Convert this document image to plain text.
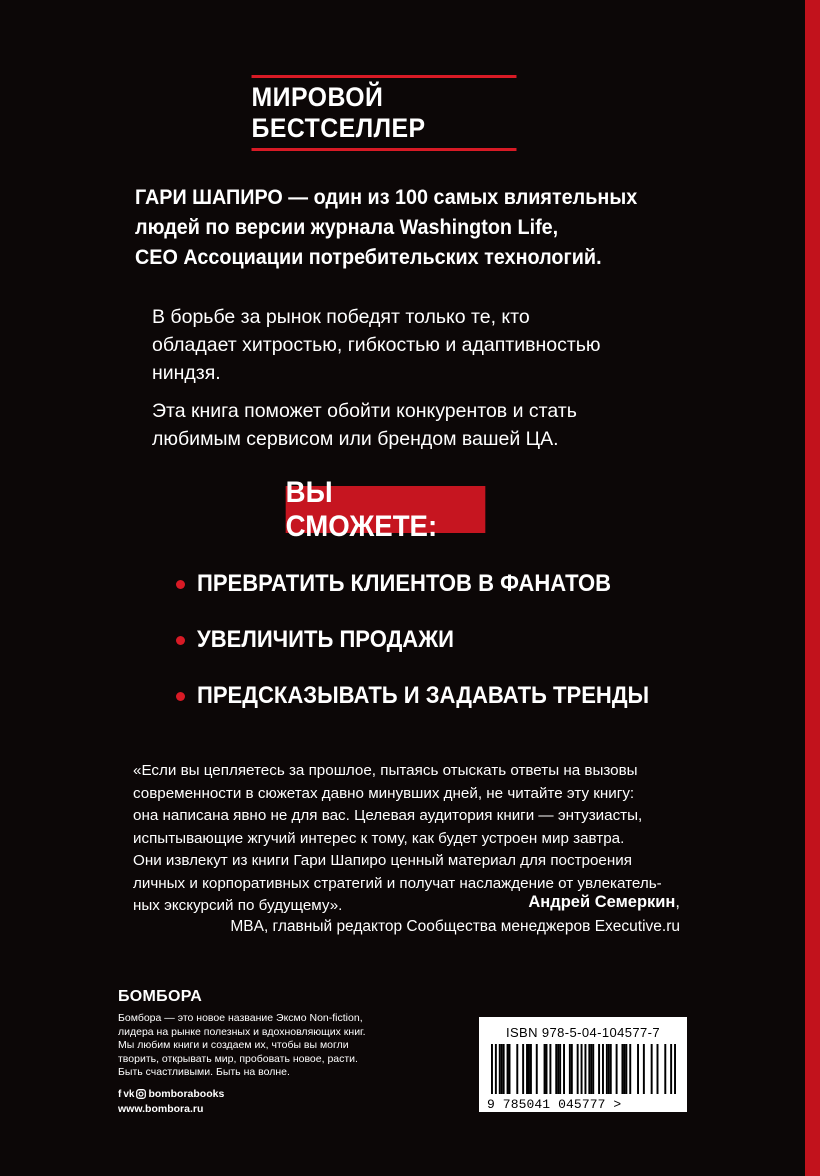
МИРОВОЙ БЕСТСЕЛЛЕР
ГАРИ ШАПИРО — один из 100 самых влиятельных
людей по версии журнала Washington Life,
CEO Ассоциации потребительских технологий.

В борьбе за рынок победят только те, кто
обладает хитростью, гибкостью и адаптивностью
ниндзя.

Эта книга поможет обойти конкурентов и стать
любимым сервисом или брендом вашей ЦА.

ВЫ СМОЖЕТЕ:
ПРЕВРАТИТЬ КЛИЕНТОВ В ФАНАТОВ
УВЕЛИЧИТЬ ПРОДАЖИ
ПРЕДСКАЗЫВАТЬ И ЗАДАВАТЬ ТРЕНДЫ
«Если вы цепляетесь за прошлое, пытаясь отыскать ответы на вызовы
современности в сюжетах давно минувших дней, не читайте эту книгу:
она написана явно не для вас. Целевая аудитория книги — энтузиасты,
испытывающие жгучий интерес к тому, как будет устроен мир завтра.
Они извлекут из книги Гари Шапиро ценный материал для построения
личных и корпоративных стратегий и получат наслаждение от увлекатель-
ных экскурсий по будущему».	Андрей Семеркин,
MBA, главный редактор Сообщества менеджеров Executive.ru
БОМБОРА
Бомбора — это новое название Эксмо Non-fiction,
лидера на рынке полезных и вдохновляющих книг.
Мы любим книги и создаем их, чтобы вы могли
творить, открывать мир, пробовать новое, расти.
Быть счастливыми. Быть на волне.
f vk bomborabooks
www.bombora.ru
ISBN 978-5-04-104577-7
9 785041 045777 >
